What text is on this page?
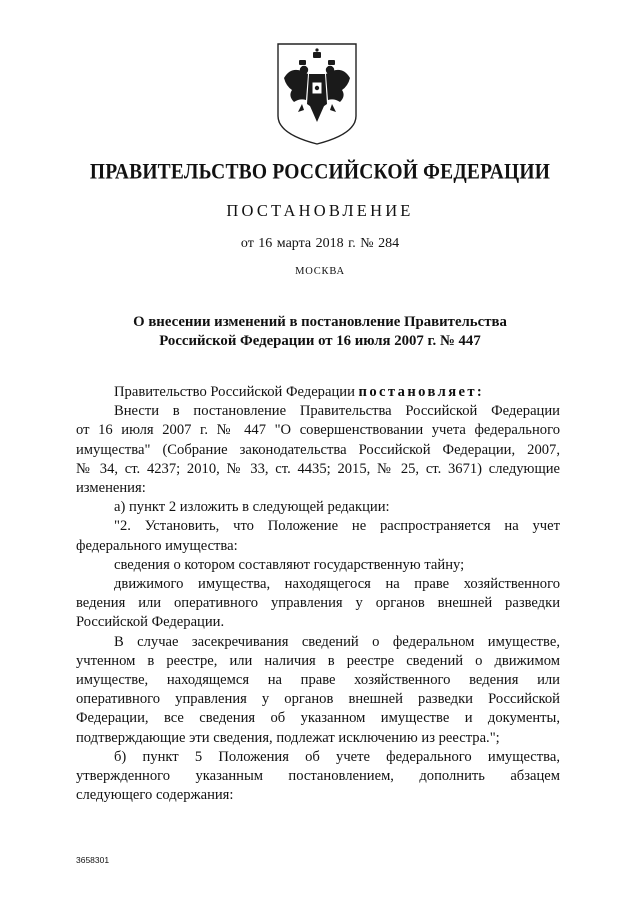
ПРАВИТЕЛЬСТВО РОССИЙСКОЙ ФЕДЕРАЦИИ
ПОСТАНОВЛЕНИЕ
от 16 марта 2018 г. № 284
МОСКВА
О внесении изменений в постановление Правительства
Российской Федерации от 16 июля 2007 г. № 447

Правительство Российской Федерации постановляет:

Внести в постановление Правительства Российской Федерации

от 16 июля 2007 г. № 447 "О совершенствовании учета федерального

имущества" (Собрание законодательства Российской Федерации, 2007,

№ 34, ст. 4237; 2010, № 33, ст. 4435; 2015, № 25, ст. 3671) следующие

изменения:

а) пункт 2 изложить в следующей редакции:

"2. Установить, что Положение не распространяется на учет

федерального имущества:

сведения о котором составляют государственную тайну;

движимого имущества, находящегося на праве хозяйственного

ведения или оперативного управления у органов внешней разведки

Российской Федерации.

В случае засекречивания сведений о федеральном имуществе,

учтенном в реестре, или наличия в реестре сведений о движимом

имуществе, находящемся на праве хозяйственного ведения или

оперативного управления у органов внешней разведки Российской

Федерации, все сведения об указанном имуществе и документы,

подтверждающие эти сведения, подлежат исключению из реестра.";

б) пункт 5 Положения об учете федерального имущества,

утвержденного указанным постановлением, дополнить абзацем

следующего содержания:

3658301
